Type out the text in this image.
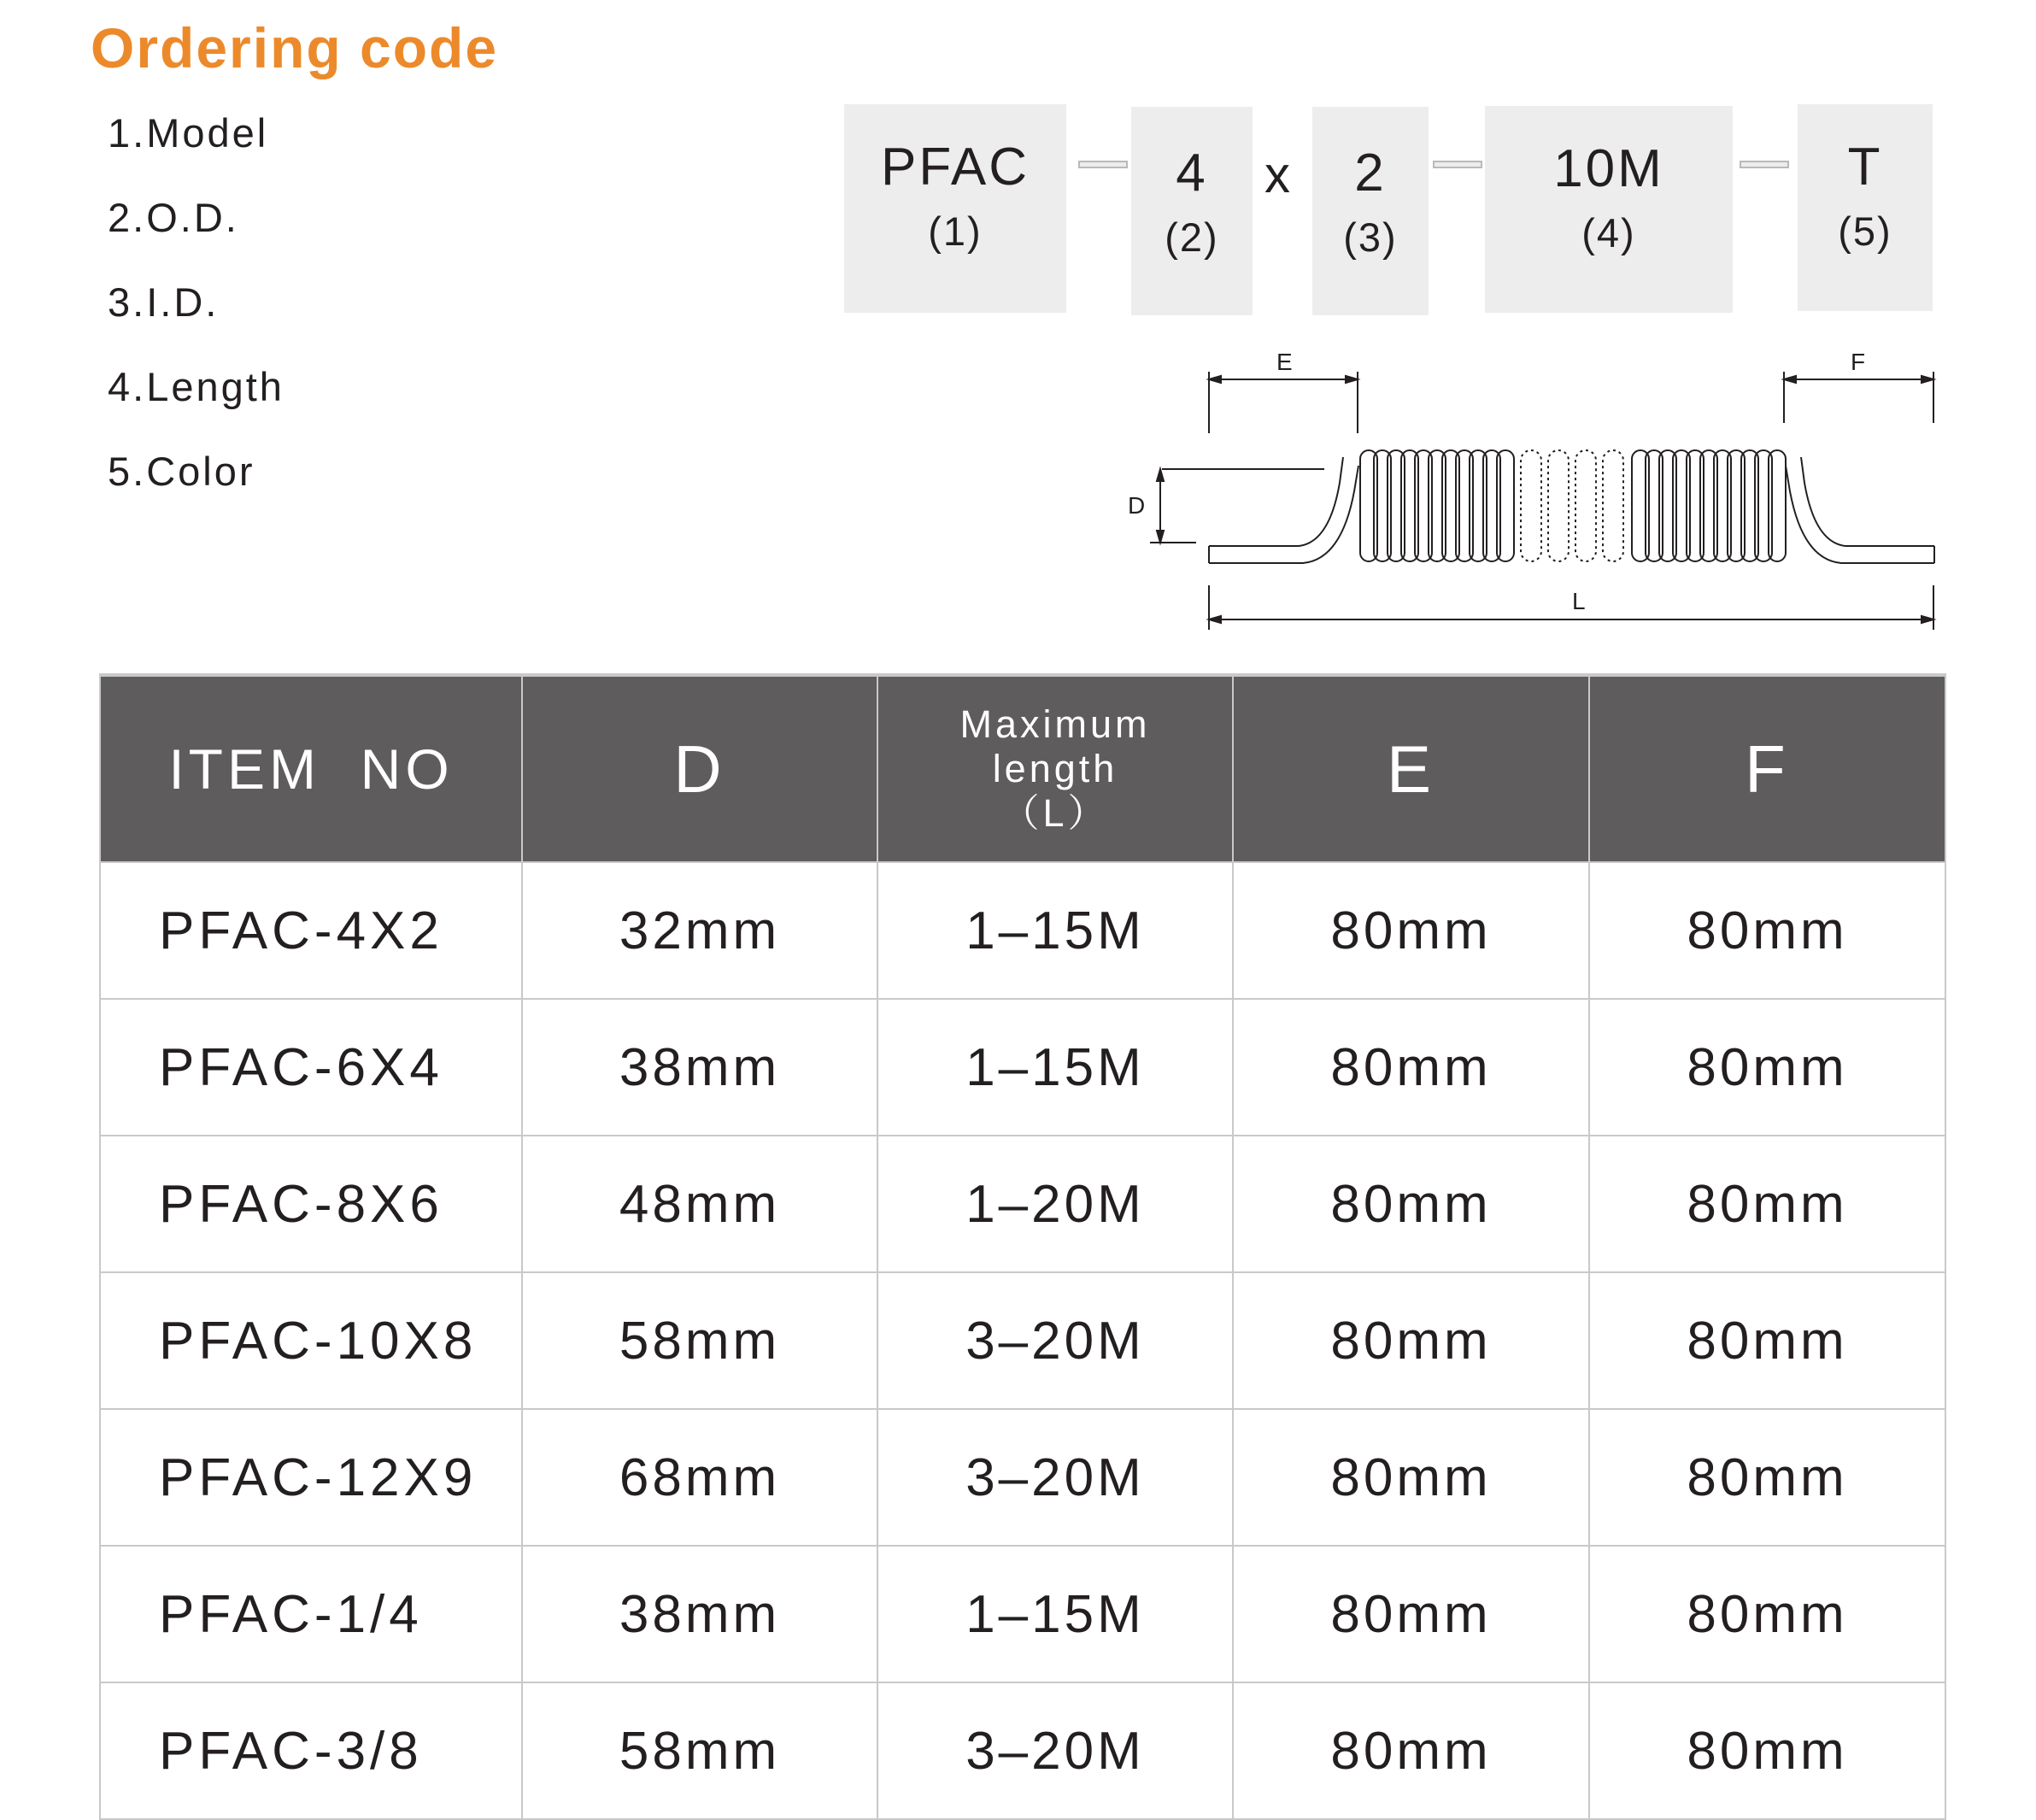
Ordering code
1.Model
2.O.D.
3.I.D.
4.Length
5.Color
PFAC
(1)
4
(2)
x	2
(3)
10M
(4)
T
(5)
E	F
D
L
ITEM  NO	D	Maximum
length
（L）	E	F
PFAC-4X2	32mm	1–15M	80mm	80mm
PFAC-6X4	38mm	1–15M	80mm	80mm
PFAC-8X6	48mm	1–20M	80mm	80mm
PFAC-10X8	58mm	3–20M	80mm	80mm
PFAC-12X9	68mm	3–20M	80mm	80mm
PFAC-1/4	38mm	1–15M	80mm	80mm
PFAC-3/8	58mm	3–20M	80mm	80mm
